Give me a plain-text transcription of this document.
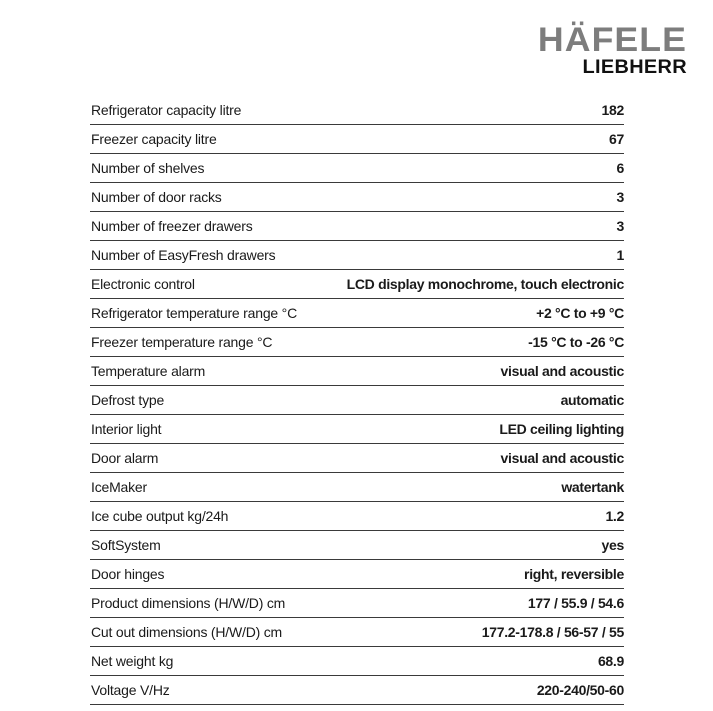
HÄFELE
LIEBHERR
Refrigerator capacity litre	182
Freezer capacity litre	67
Number of shelves	6
Number of door racks	3
Number of freezer drawers	3
Number of EasyFresh drawers	1
Electronic control	LCD display monochrome, touch electronic
Refrigerator temperature range °C	+2 °C to +9 °C
Freezer temperature range °C	-15 °C to -26 °C
Temperature alarm	visual and acoustic
Defrost type	automatic
Interior light	LED ceiling lighting
Door alarm	visual and acoustic
IceMaker	watertank
Ice cube output kg/24h	1.2
SoftSystem	yes
Door hinges	right, reversible
Product dimensions (H/W/D) cm	177 / 55.9 / 54.6
Cut out dimensions (H/W/D) cm	177.2-178.8 / 56-57 / 55
Net weight kg	68.9
Voltage V/Hz	220-240/50-60
